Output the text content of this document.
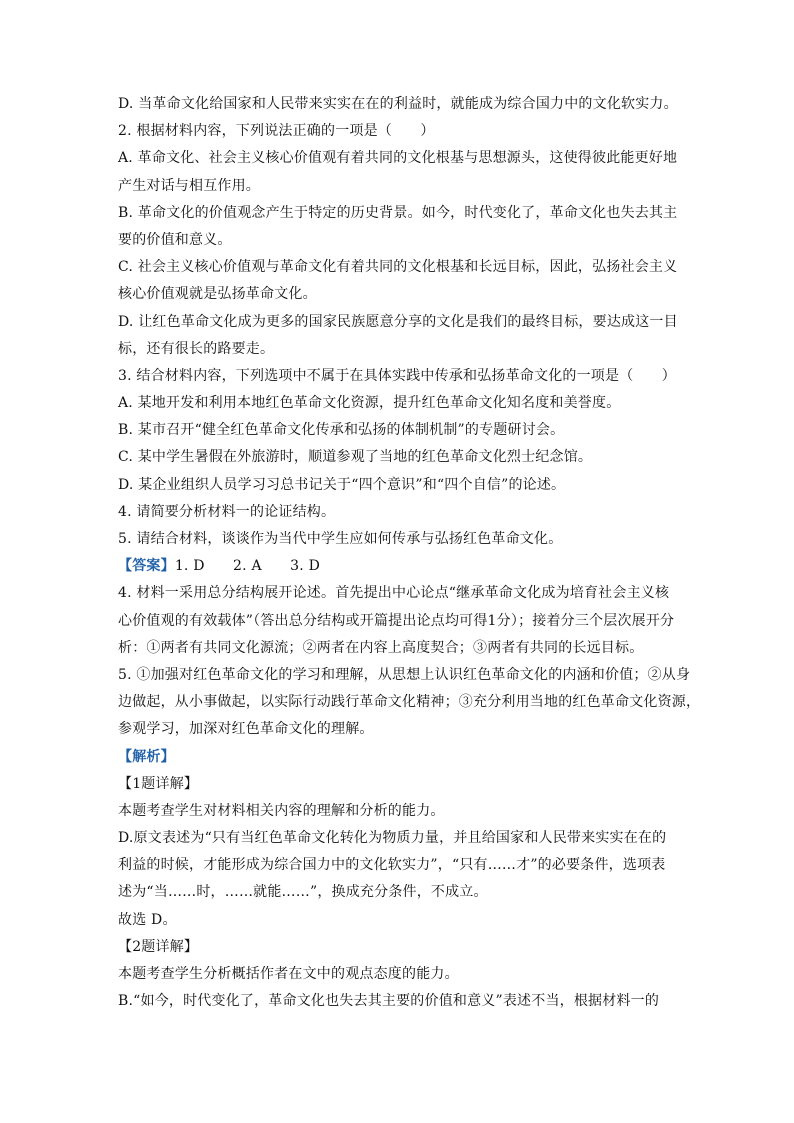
D. 当革命文化给国家和人民带来实实在在的利益时，就能成为综合国力中的文化软实力。
2. 根据材料内容，下列说法正确的一项是（　　）
A. 革命文化、社会主义核心价值观有着共同的文化根基与思想源头，这使得彼此能更好地
产生对话与相互作用。
B. 革命文化的价值观念产生于特定的历史背景。如今，时代变化了，革命文化也失去其主
要的价值和意义。
C. 社会主义核心价值观与革命文化有着共同的文化根基和长远目标，因此，弘扬社会主义
核心价值观就是弘扬革命文化。
D. 让红色革命文化成为更多的国家民族愿意分享的文化是我们的最终目标，要达成这一目
标，还有很长的路要走。
3. 结合材料内容，下列选项中不属于在具体实践中传承和弘扬革命文化的一项是（　　）
A. 某地开发和利用本地红色革命文化资源，提升红色革命文化知名度和美誉度。
B. 某市召开“健全红色革命文化传承和弘扬的体制机制”的专题研讨会。
C. 某中学生暑假在外旅游时，顺道参观了当地的红色革命文化烈士纪念馆。
D. 某企业组织人员学习习总书记关于“四个意识”和“四个自信”的论述。
4. 请简要分析材料一的论证结构。
5. 请结合材料，谈谈作为当代中学生应如何传承与弘扬红色革命文化。
【答案】1. D　　2. A　　3. D
4. 材料一采用总分结构展开论述。首先提出中心论点“继承革命文化成为培育社会主义核
心价值观的有效载体”（答出总分结构或开篇提出论点均可得1分）；接着分三个层次展开分
析：①两者有共同文化源流；②两者在内容上高度契合；③两者有共同的长远目标。
5. ①加强对红色革命文化的学习和理解，从思想上认识红色革命文化的内涵和价值；②从身
边做起，从小事做起，以实际行动践行革命文化精神；③充分利用当地的红色革命文化资源，
参观学习，加深对红色革命文化的理解。
【解析】
【1题详解】
本题考查学生对材料相关内容的理解和分析的能力。
D.原文表述为“只有当红色革命文化转化为物质力量，并且给国家和人民带来实实在在的
利益的时候，才能形成为综合国力中的文化软实力”，“只有……才”的必要条件，选项表
述为“当……时，……就能……”，换成充分条件，不成立。
故选 D。
【2题详解】
本题考查学生分析概括作者在文中的观点态度的能力。
B.“如今，时代变化了，革命文化也失去其主要的价值和意义”表述不当，根据材料一的
